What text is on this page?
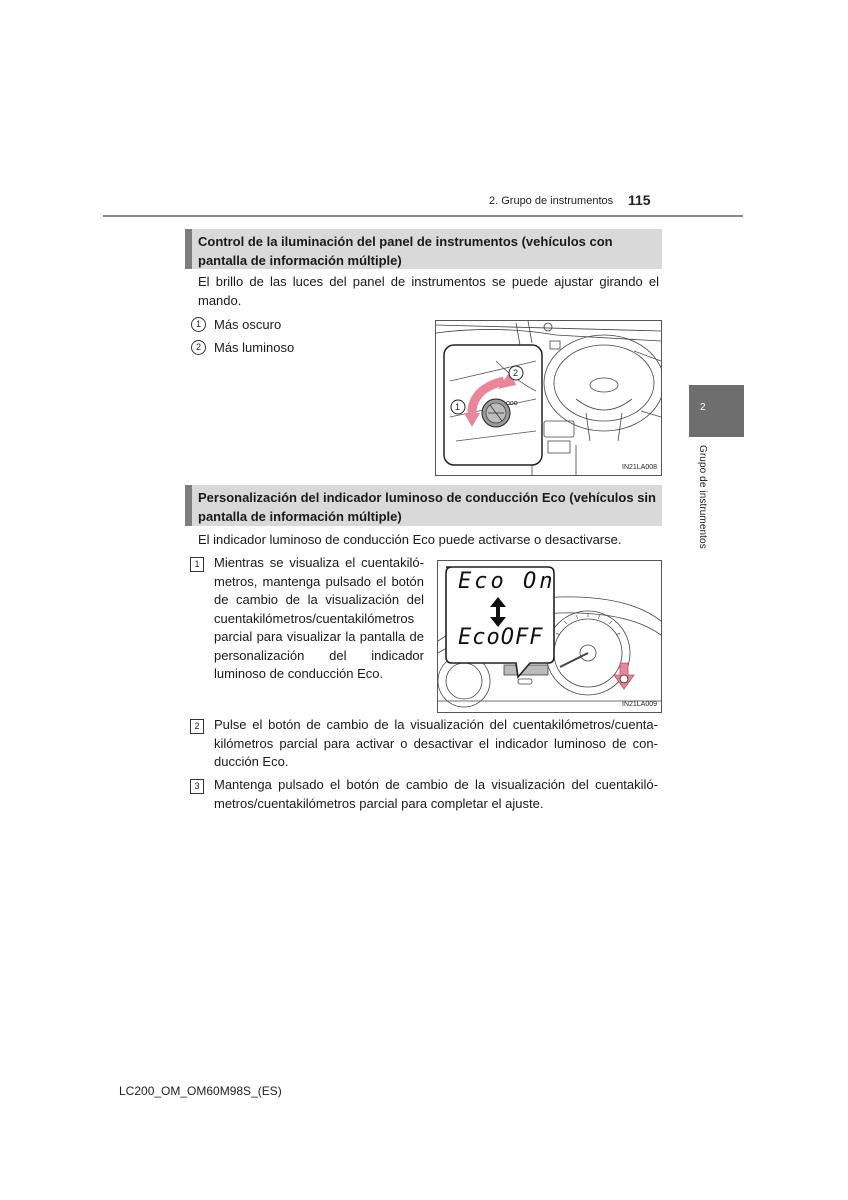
2. Grupo de instrumentos 115
2
Grupo de instrumentos
Control de la iluminación del panel de instrumentos (vehículos con pantalla de información múltiple)
El brillo de las luces del panel de instrumentos se puede ajustar girando el mando.
1	Más oscuro
2	Más luminoso
ooo
1
2
IN21LA008
Personalización del indicador luminoso de conducción Eco (vehículos sin pantalla de información múltiple)
El indicador luminoso de conducción Eco puede activarse o desactivarse.
1	Mientras se visualiza el cuentakilómetros, mantenga pulsado el botón de cambio de la visualización del cuentakilómetros/cuentakilómetros parcial para visualizar la pantalla de personalización del indicador luminoso de conducción Eco.
Eco On
EcoOFF
IN21LA009
2	Pulse el botón de cambio de la visualización del cuentakilómetros/cuentakilómetros parcial para activar o desactivar el indicador luminoso de conducción Eco.
3	Mantenga pulsado el botón de cambio de la visualización del cuentakilómetros/cuentakilómetros parcial para completar el ajuste.
LC200_OM_OM60M98S_(ES)
